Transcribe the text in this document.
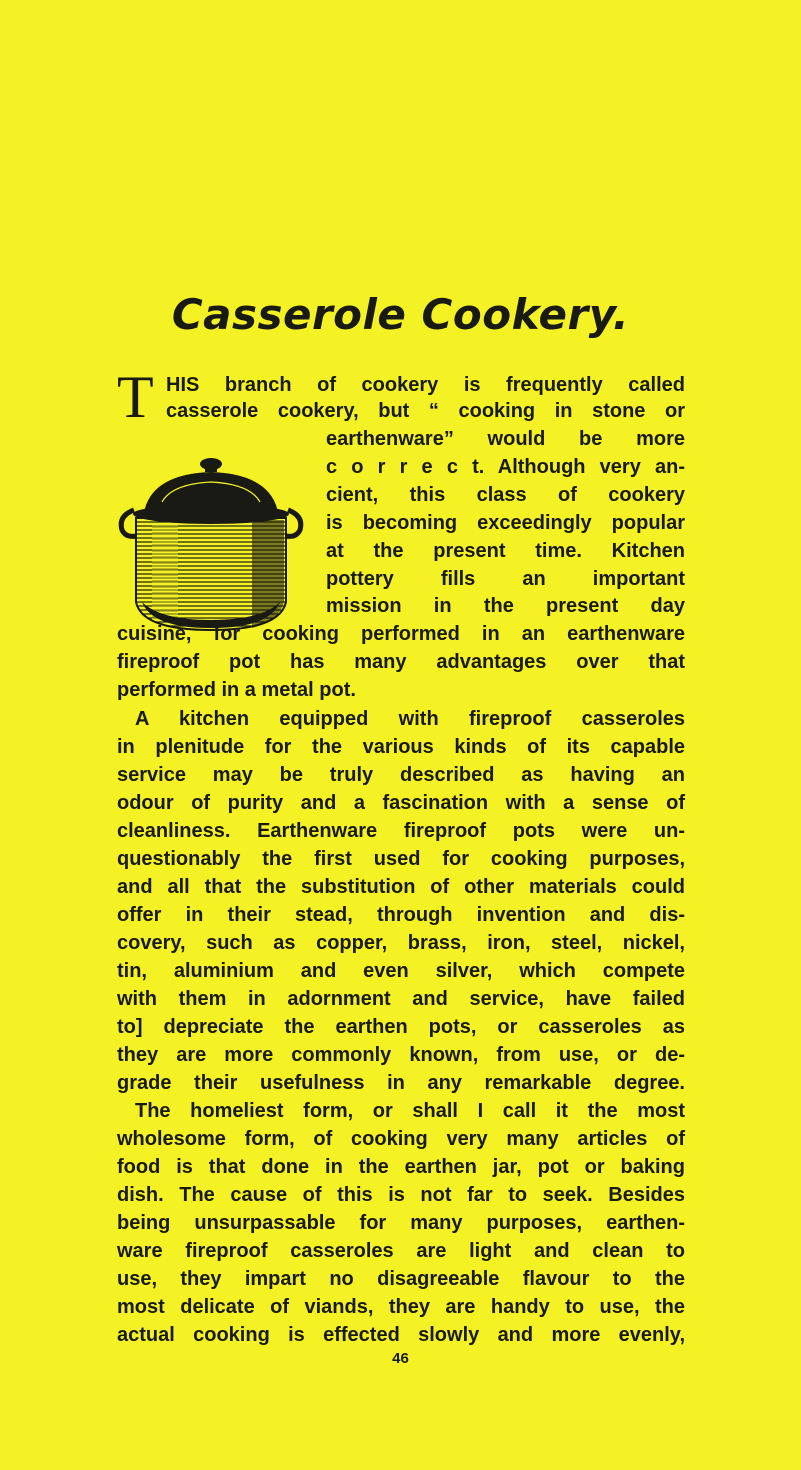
Casserole Cookery.
T HIS branch of cookery is frequently called
casserole cookery, but “ cooking in stone or
earthenware” would be more
c o r r e c t. Although very an-
cient, this class of cookery
is becoming exceedingly popular
at the present time. Kitchen
pottery fills an important
mission in the present day
cuisine, for cooking performed in an earthenware
fireproof pot has many advantages over that
performed in a metal pot.
A kitchen equipped with fireproof casseroles
in plenitude for the various kinds of its capable
service may be truly described as having an
odour of purity and a fascination with a sense of
cleanliness. Earthenware fireproof pots were un-
questionably the first used for cooking purposes,
and all that the substitution of other materials could
offer in their stead, through invention and dis-
covery, such as copper, brass, iron, steel, nickel,
tin, aluminium and even silver, which compete
with them in adornment and service, have failed
to] depreciate the earthen pots, or casseroles as
they are more commonly known, from use, or de-
grade their usefulness in any remarkable degree.
The homeliest form, or shall I call it the most
wholesome form, of cooking very many articles of
food is that done in the earthen jar, pot or baking
dish. The cause of this is not far to seek. Besides
being unsurpassable for many purposes, earthen-
ware fireproof casseroles are light and clean to
use, they impart no disagreeable flavour to the
most delicate of viands, they are handy to use, the
actual cooking is effected slowly and more evenly,
46
